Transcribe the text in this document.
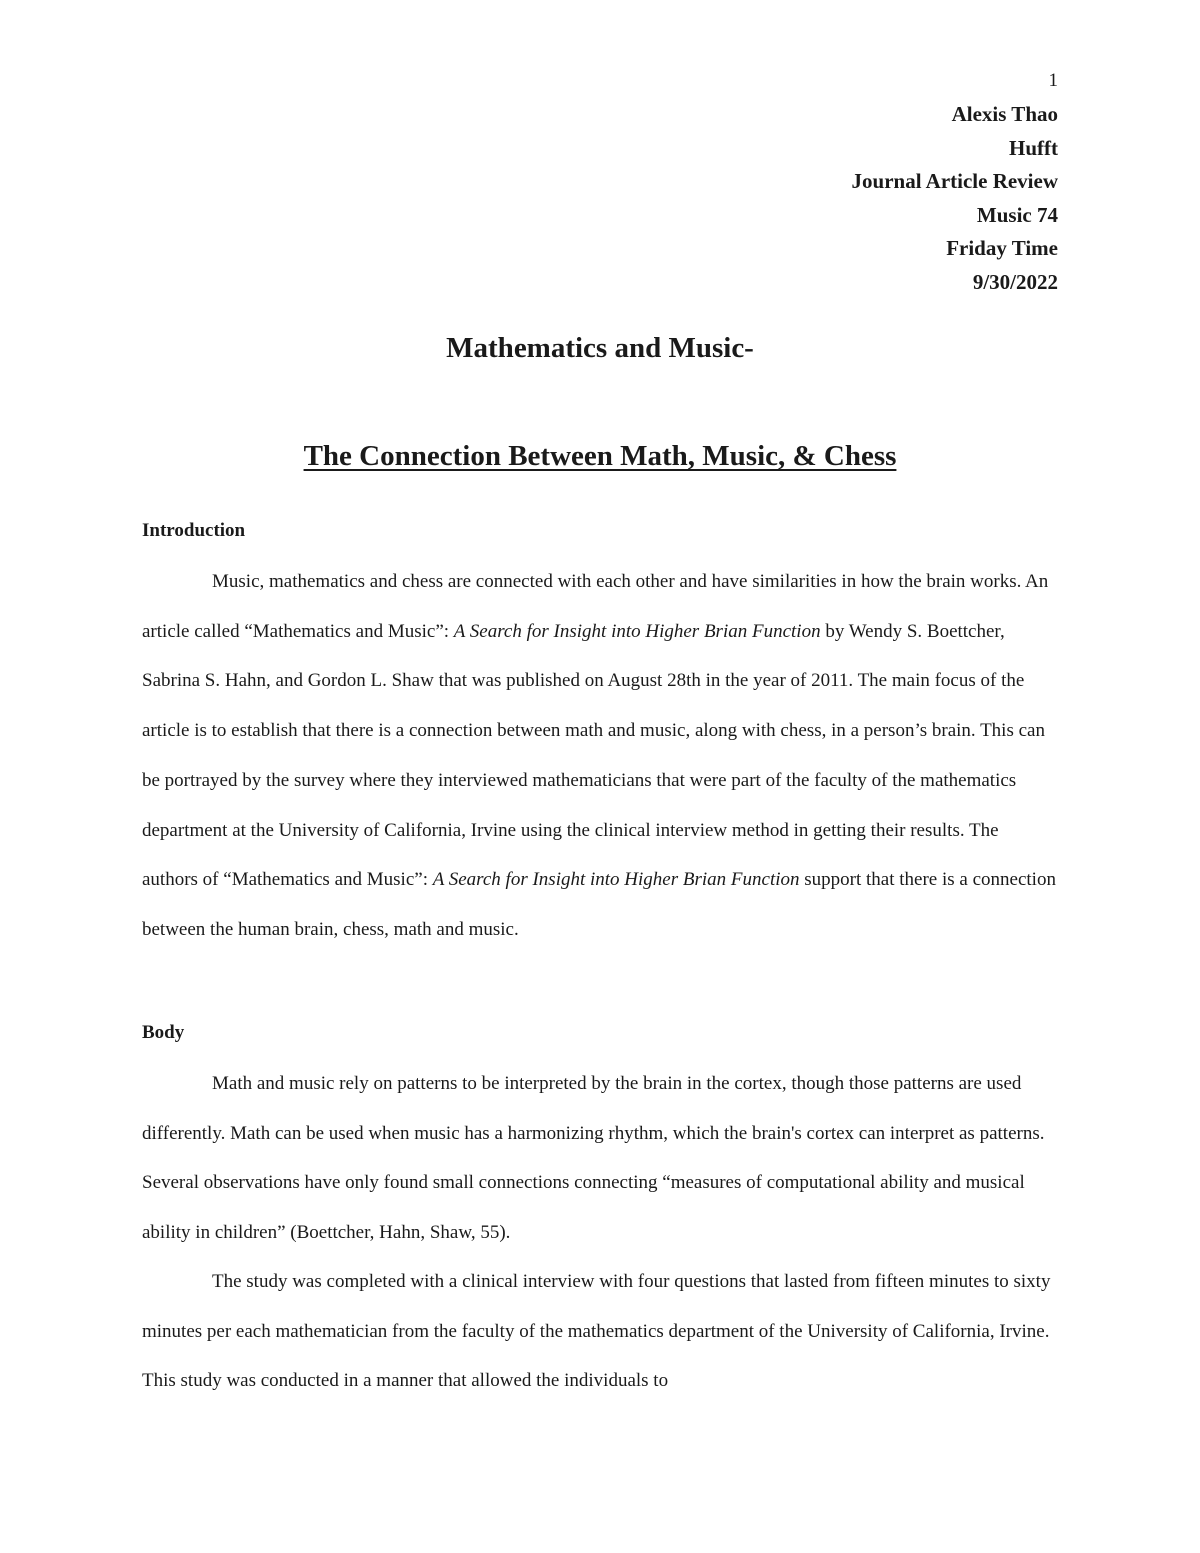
1
Alexis Thao
Hufft
Journal Article Review
Music 74
Friday Time
9/30/2022
Mathematics and Music-
The Connection Between Math, Music, & Chess
Introduction

Music, mathematics and chess are connected with each other and have similarities in how the brain works. An article called “Mathematics and Music”: A Search for Insight into Higher Brian Function by Wendy S. Boettcher, Sabrina S. Hahn, and Gordon L. Shaw that was published on August 28th in the year of 2011. The main focus of the article is to establish that there is a connection between math and music, along with chess, in a person’s brain. This can be portrayed by the survey where they interviewed mathematicians that were part of the faculty of the mathematics department at the University of California, Irvine using the clinical interview method in getting their results. The authors of “Mathematics and Music”: A Search for Insight into Higher Brian Function support that there is a connection between the human brain, chess, math and music.

Body

Math and music rely on patterns to be interpreted by the brain in the cortex, though those patterns are used differently. Math can be used when music has a harmonizing rhythm, which the brain's cortex can interpret as patterns. Several observations have only found small connections connecting “measures of computational ability and musical ability in children” (Boettcher, Hahn, Shaw, 55).

The study was completed with a clinical interview with four questions that lasted from fifteen minutes to sixty minutes per each mathematician from the faculty of the mathematics department of the University of California, Irvine. This study was conducted in a manner that allowed the individuals to
